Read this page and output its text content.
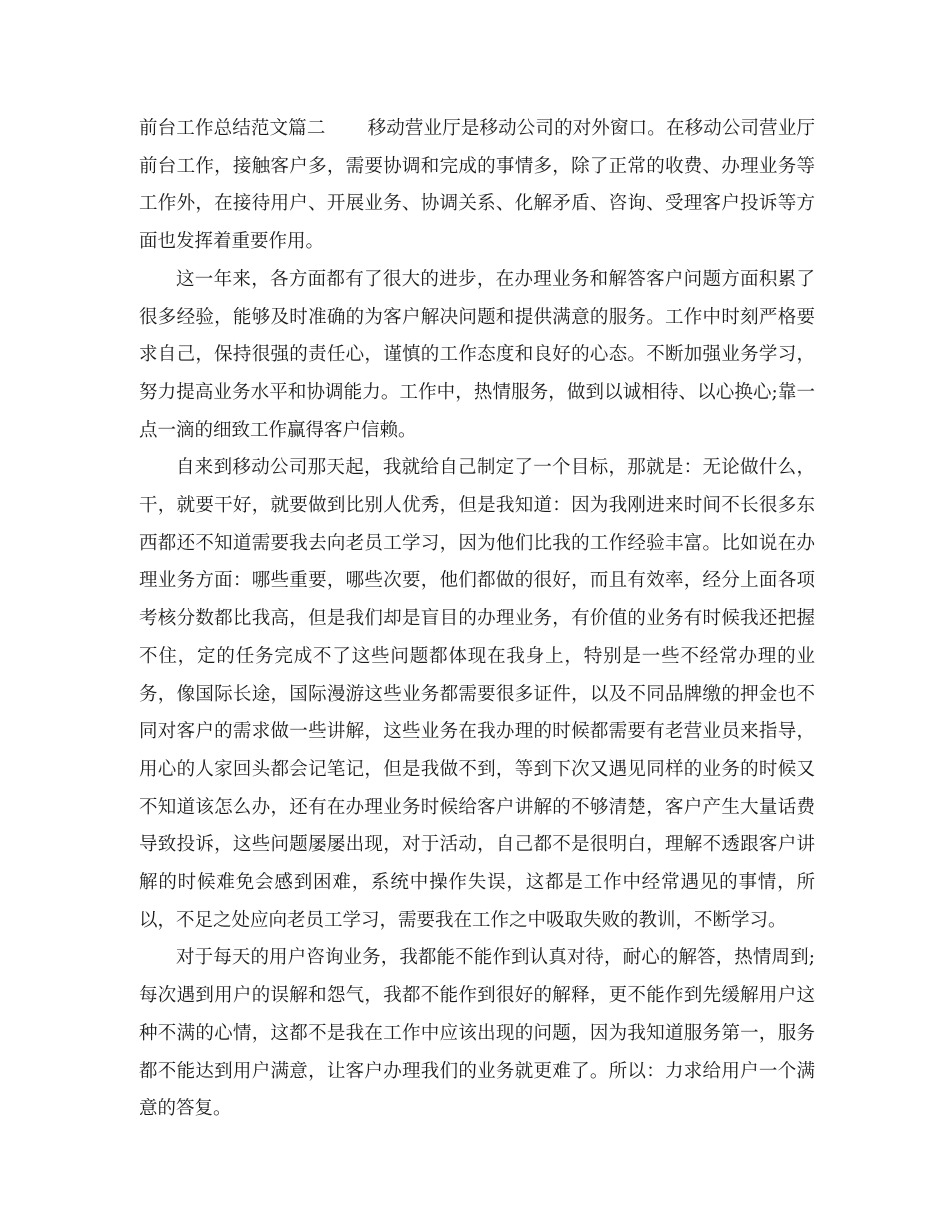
前台工作总结范文篇二 移动营业厅是移动公司的对外窗口。在移动公司营业厅前台工作，接触客户多，需要协调和完成的事情多，除了正常的收费、办理业务等工作外，在接待用户、开展业务、协调关系、化解矛盾、咨询、受理客户投诉等方面也发挥着重要作用。

这一年来，各方面都有了很大的进步，在办理业务和解答客户问题方面积累了很多经验，能够及时准确的为客户解决问题和提供满意的服务。工作中时刻严格要求自己，保持很强的责任心，谨慎的工作态度和良好的心态。不断加强业务学习，努力提高业务水平和协调能力。工作中，热情服务，做到以诚相待、以心换心;靠一点一滴的细致工作赢得客户信赖。

自来到移动公司那天起，我就给自己制定了一个目标，那就是：无论做什么，干，就要干好，就要做到比别人优秀，但是我知道：因为我刚进来时间不长很多东西都还不知道需要我去向老员工学习，因为他们比我的工作经验丰富。比如说在办理业务方面：哪些重要，哪些次要，他们都做的很好，而且有效率，经分上面各项考核分数都比我高，但是我们却是盲目的办理业务，有价值的业务有时候我还把握不住，定的任务完成不了这些问题都体现在我身上，特别是一些不经常办理的业务，像国际长途，国际漫游这些业务都需要很多证件，以及不同品牌缴的押金也不同对客户的需求做一些讲解，这些业务在我办理的时候都需要有老营业员来指导，用心的人家回头都会记笔记，但是我做不到，等到下次又遇见同样的业务的时候又不知道该怎么办，还有在办理业务时候给客户讲解的不够清楚，客户产生大量话费导致投诉，这些问题屡屡出现，对于活动，自己都不是很明白，理解不透跟客户讲解的时候难免会感到困难，系统中操作失误，这都是工作中经常遇见的事情，所以，不足之处应向老员工学习，需要我在工作之中吸取失败的教训，不断学习。

对于每天的用户咨询业务，我都能不能作到认真对待，耐心的解答，热情周到;每次遇到用户的误解和怨气，我都不能作到很好的解释，更不能作到先缓解用户这种不满的心情，这都不是我在工作中应该出现的问题，因为我知道服务第一，服务都不能达到用户满意，让客户办理我们的业务就更难了。所以：力求给用户一个满意的答复。
